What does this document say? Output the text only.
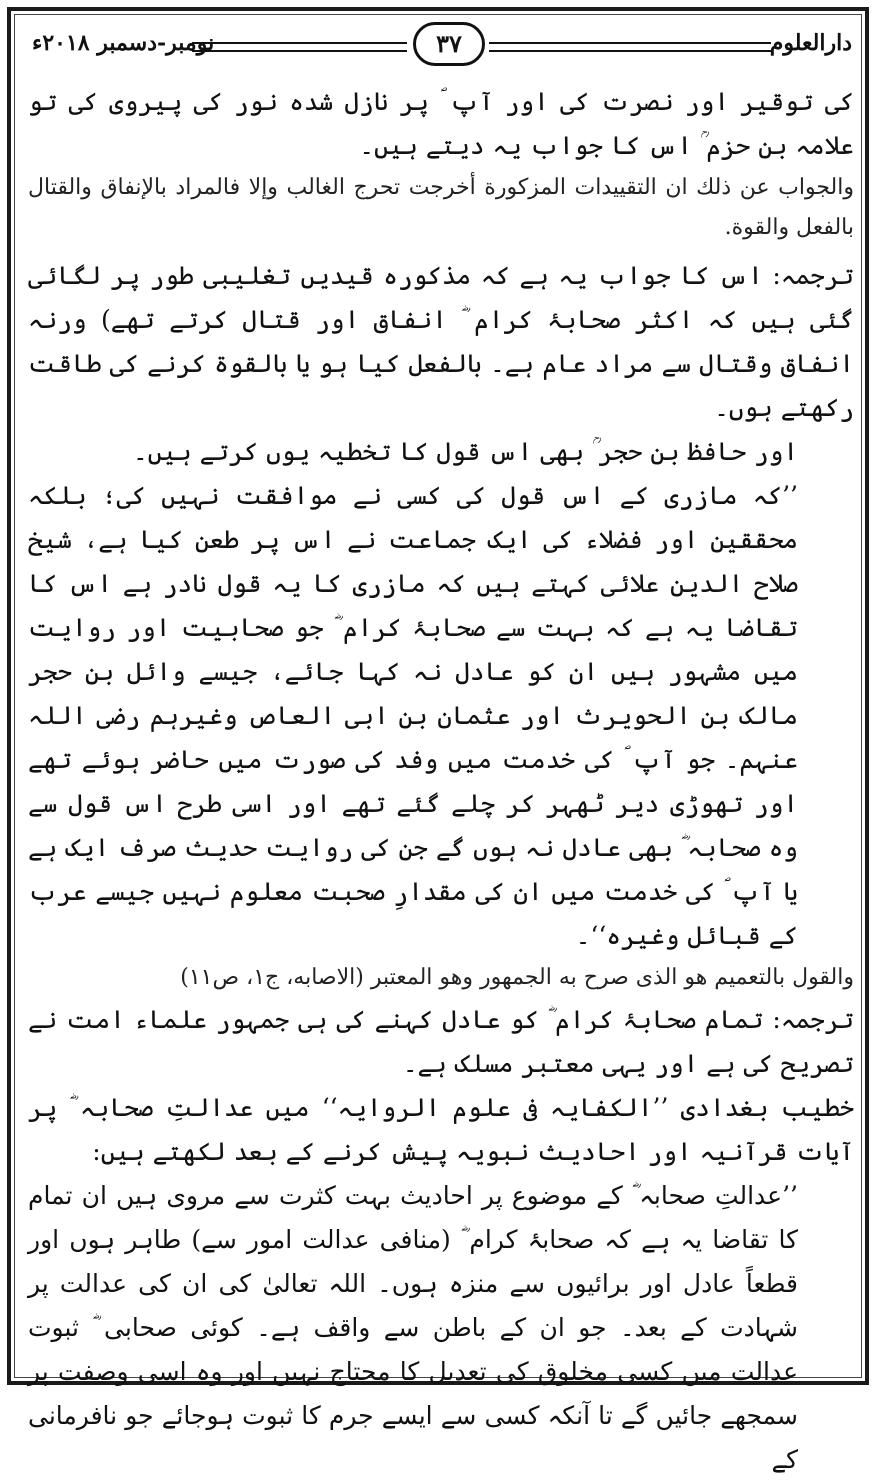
نومبر-دسمبر ۲۰۱۸ء	۳۷	دارالعلوم

کی توقیر اور نصرت کی اور آپ ؐ پر نازل شدہ نور کی پیروی کی تو علامہ بن حزم ؒ اس کا جواب یہ دیتے ہیں۔

والجواب عن ذلك ان التقييدات المزكورة أخرجت تحرج الغالب وإلا فالمراد بالإنفاق والقتال بالفعل والقوة.

ترجمہ: اس کا جواب یہ ہے کہ مذکورہ قیدیں تغلیبی طور پر لگائی گئی ہیں کہ اکثر صحابۂ کرام ؓ انفاق اور قتال کرتے تھے) ورنہ انفاق وقتال سے مراد عام ہے۔ بالفعل کیا ہو یا بالقوۃ کرنے کی طاقت رکھتے ہوں۔

اور حافظ بن حجر ؒ بھی اس قول کا تخطیہ یوں کرتے ہیں۔

’’کہ مازری کے اس قول کی کسی نے موافقت نہیں کی؛ بلکہ محققین اور فضلاء کی ایک جماعت نے اس پر طعن کیا ہے، شیخ صلاح الدین علائی کہتے ہیں کہ مازری کا یہ قول نادر ہے اس کا تقاضا یہ ہے کہ بہت سے صحابۂ کرام ؓ جو صحابیت اور روایت میں مشہور ہیں ان کو عادل نہ کہا جائے، جیسے وائل بن حجر مالک بن الحویرث اور عثمان بن ابی العاص وغیرہم رضی اللہ عنہم۔ جو آپ ؐ کی خدمت میں وفد کی صورت میں حاضر ہوئے تھے اور تھوڑی دیر ٹھہر کر چلے گئے تھے اور اسی طرح اس قول سے وہ صحابہ ؓ بھی عادل نہ ہوں گے جن کی روایت حدیث صرف ایک ہے یا آپ ؐ کی خدمت میں ان کی مقدارِ صحبت معلوم نہیں جیسے عرب کے قبائل وغیرہ‘‘۔

والقول بالتعميم هو الذى صرح به الجمهور وهو المعتبر (الاصابه، ج۱، ص۱۱)

ترجمہ: تمام صحابۂ کرام ؓ کو عادل کہنے کی ہی جمہور علماء امت نے تصریح کی ہے اور یہی معتبر مسلک ہے۔

خطیب بغدادی ’’الکفایہ فی علوم الروایہ‘‘ میں عدالتِ صحابہ ؓ پر آیات قرآنیہ اور احادیث نبویہ پیش کرنے کے بعد لکھتے ہیں:

’’عدالتِ صحابہ ؓ کے موضوع پر احادیث بہت کثرت سے مروی ہیں ان تمام کا تقاضا یہ ہے کہ صحابۂ کرام ؓ (منافی عدالت امور سے) طاہر ہوں اور قطعاً عادل اور برائیوں سے منزہ ہوں۔ اللہ تعالیٰ کی ان کی عدالت پر شہادت کے بعد۔ جو ان کے باطن سے واقف ہے۔ کوئی صحابی ؓ ثبوت عدالت میں کسی مخلوق کی تعدیل کا محتاج نہیں اور وہ اسی وصفت پر سمجھے جائیں گے تا آنکہ کسی سے ایسے جرم کا ثبوت ہوجائے جو نافرمانی کے
